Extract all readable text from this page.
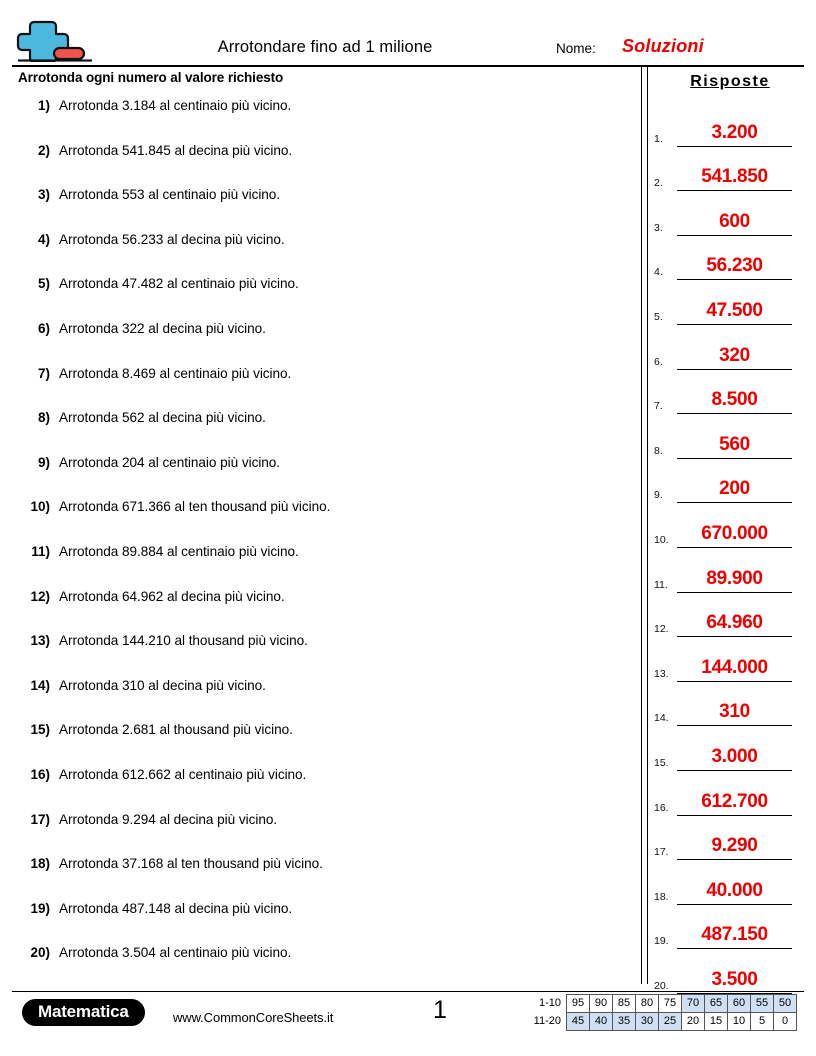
Arrotondare fino ad 1 milione	Nome: Soluzioni
Arrotonda ogni numero al valore richiesto
1) Arrotonda 3.184 al centinaio più vicino.
2) Arrotonda 541.845 al decina più vicino.
3) Arrotonda 553 al centinaio più vicino.
4) Arrotonda 56.233 al decina più vicino.
5) Arrotonda 47.482 al centinaio più vicino.
6) Arrotonda 322 al decina più vicino.
7) Arrotonda 8.469 al centinaio più vicino.
8) Arrotonda 562 al decina più vicino.
9) Arrotonda 204 al centinaio più vicino.
10) Arrotonda 671.366 al ten thousand più vicino.
11) Arrotonda 89.884 al centinaio più vicino.
12) Arrotonda 64.962 al decina più vicino.
13) Arrotonda 144.210 al thousand più vicino.
14) Arrotonda 310 al decina più vicino.
15) Arrotonda 2.681 al thousand più vicino.
16) Arrotonda 612.662 al centinaio più vicino.
17) Arrotonda 9.294 al decina più vicino.
18) Arrotonda 37.168 al ten thousand più vicino.
19) Arrotonda 487.148 al decina più vicino.
20) Arrotonda 3.504 al centinaio più vicino.
Risposte
1.	3.200
2.	541.850
3.	600
4.	56.230
5.	47.500
6.	320
7.	8.500
8.	560
9.	200
10.	670.000
11.	89.900
12.	64.960
13.	144.000
14.	310
15.	3.000
16.	612.700
17.	9.290
18.	40.000
19.	487.150
20.	3.500
Matematica	www.CommonCoreSheets.it	1	1-10	95	90	85	80	75	70	65	60	55	50
11-20	45	40	35	30	25	20	15	10	5	0
